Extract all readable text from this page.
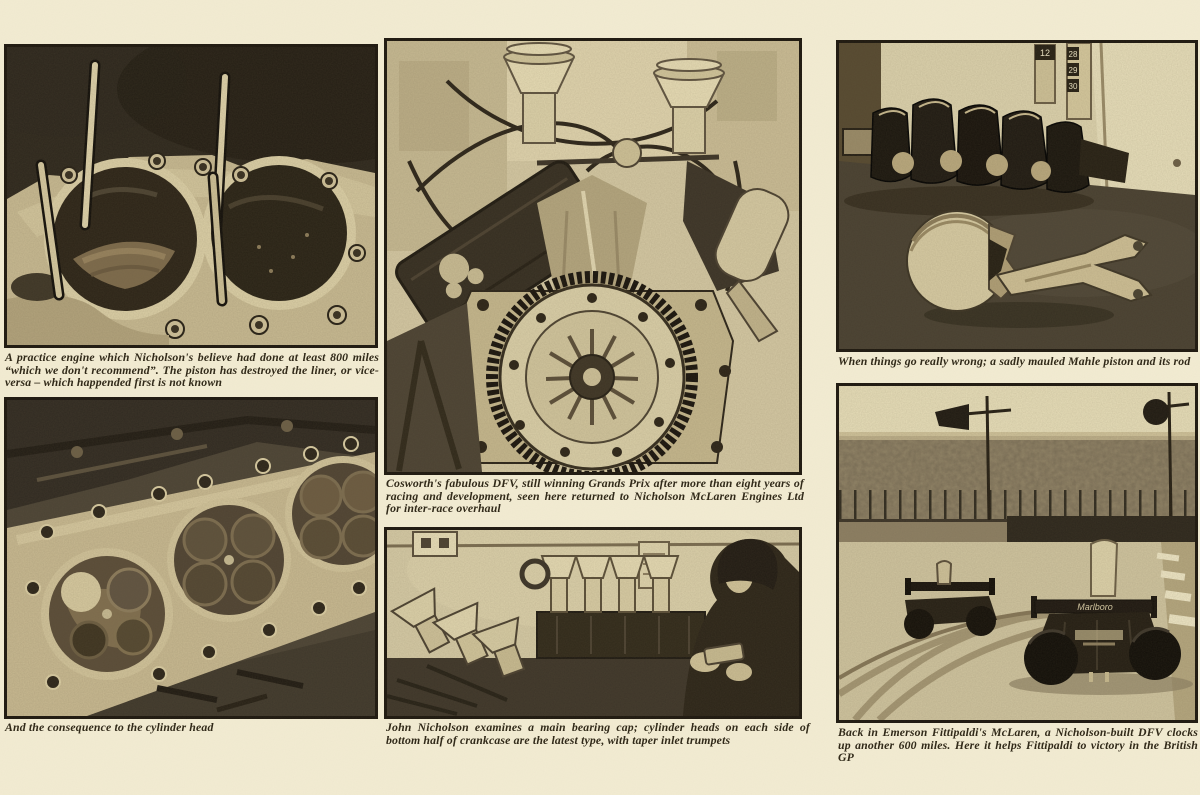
A practice engine which Nicholson's believe had done at least 800 miles “which we don't recommend”. The piston has destroyed the liner, or vice-versa – which happended first is not known
And the consequence to the cylinder head
Cosworth's fabulous DFV, still winning Grands Prix after more than eight years of racing and development, seen here returned to Nicholson McLaren Engines Ltd for inter-race overhaul
John Nicholson examines a main bearing cap; cylinder heads on each side of bottom half of crankcase are the latest type, with taper inlet trumpets
12 28
29
30
When things go really wrong; a sadly mauled Mahle piston and its rod
Marlboro
Back in Emerson Fittipaldi's McLaren, a Nicholson-built DFV clocks up another 600 miles. Here it helps Fittipaldi to victory in the British GP
